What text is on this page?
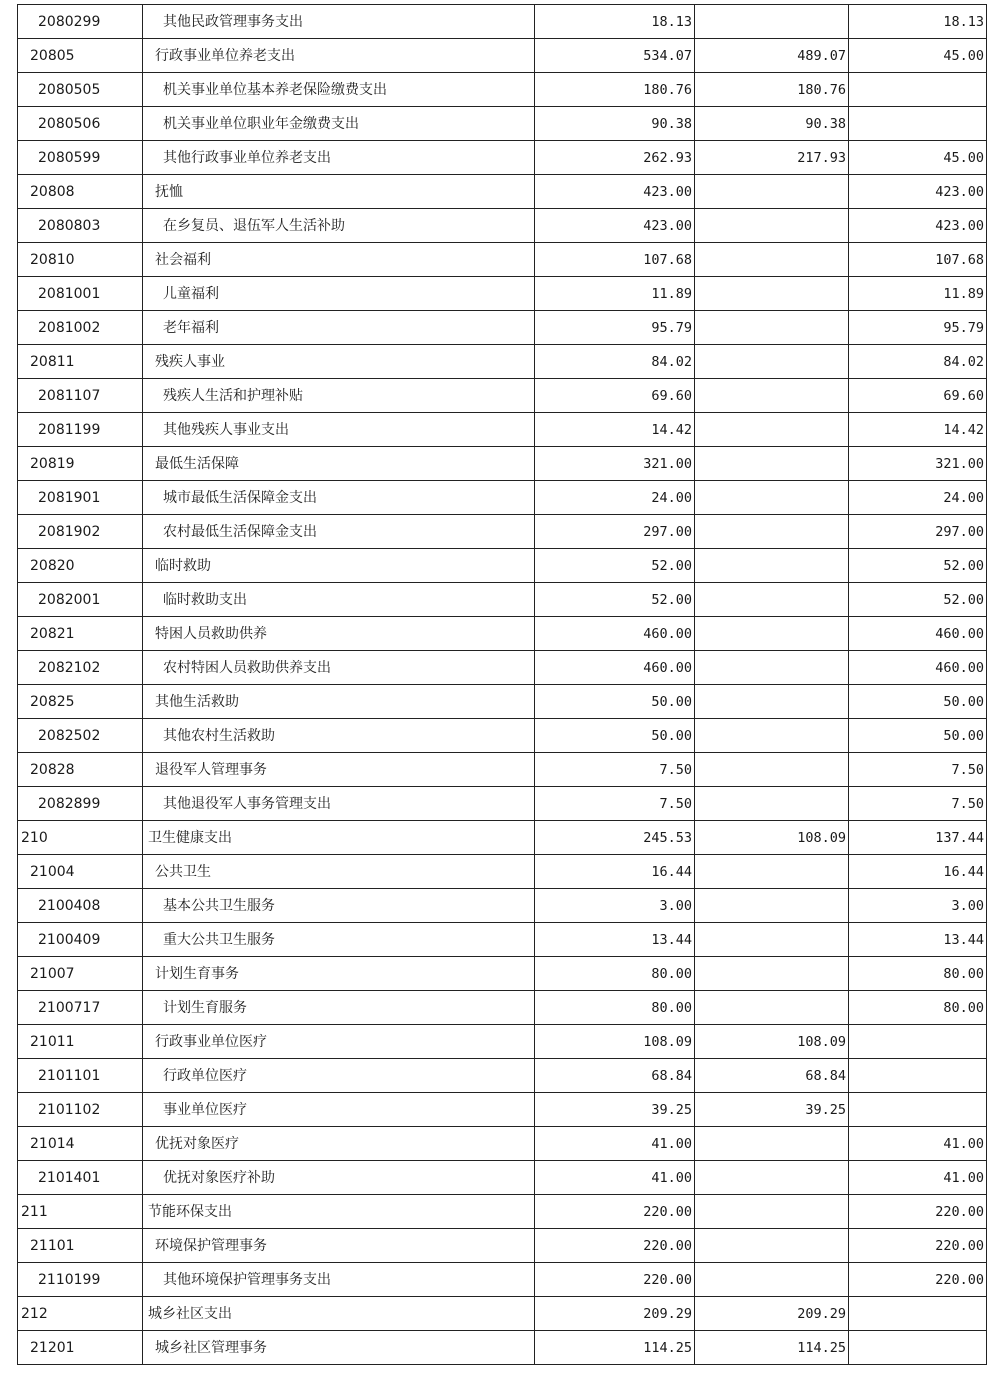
2080299	其他民政管理事务支出	18.13		18.13
20805	行政事业单位养老支出	534.07	489.07	45.00
2080505	机关事业单位基本养老保险缴费支出	180.76	180.76	
2080506	机关事业单位职业年金缴费支出	90.38	90.38	
2080599	其他行政事业单位养老支出	262.93	217.93	45.00
20808	抚恤	423.00		423.00
2080803	在乡复员、退伍军人生活补助	423.00		423.00
20810	社会福利	107.68		107.68
2081001	儿童福利	11.89		11.89
2081002	老年福利	95.79		95.79
20811	残疾人事业	84.02		84.02
2081107	残疾人生活和护理补贴	69.60		69.60
2081199	其他残疾人事业支出	14.42		14.42
20819	最低生活保障	321.00		321.00
2081901	城市最低生活保障金支出	24.00		24.00
2081902	农村最低生活保障金支出	297.00		297.00
20820	临时救助	52.00		52.00
2082001	临时救助支出	52.00		52.00
20821	特困人员救助供养	460.00		460.00
2082102	农村特困人员救助供养支出	460.00		460.00
20825	其他生活救助	50.00		50.00
2082502	其他农村生活救助	50.00		50.00
20828	退役军人管理事务	7.50		7.50
2082899	其他退役军人事务管理支出	7.50		7.50
210	卫生健康支出	245.53	108.09	137.44
21004	公共卫生	16.44		16.44
2100408	基本公共卫生服务	3.00		3.00
2100409	重大公共卫生服务	13.44		13.44
21007	计划生育事务	80.00		80.00
2100717	计划生育服务	80.00		80.00
21011	行政事业单位医疗	108.09	108.09	
2101101	行政单位医疗	68.84	68.84	
2101102	事业单位医疗	39.25	39.25	
21014	优抚对象医疗	41.00		41.00
2101401	优抚对象医疗补助	41.00		41.00
211	节能环保支出	220.00		220.00
21101	环境保护管理事务	220.00		220.00
2110199	其他环境保护管理事务支出	220.00		220.00
212	城乡社区支出	209.29	209.29	
21201	城乡社区管理事务	114.25	114.25	
